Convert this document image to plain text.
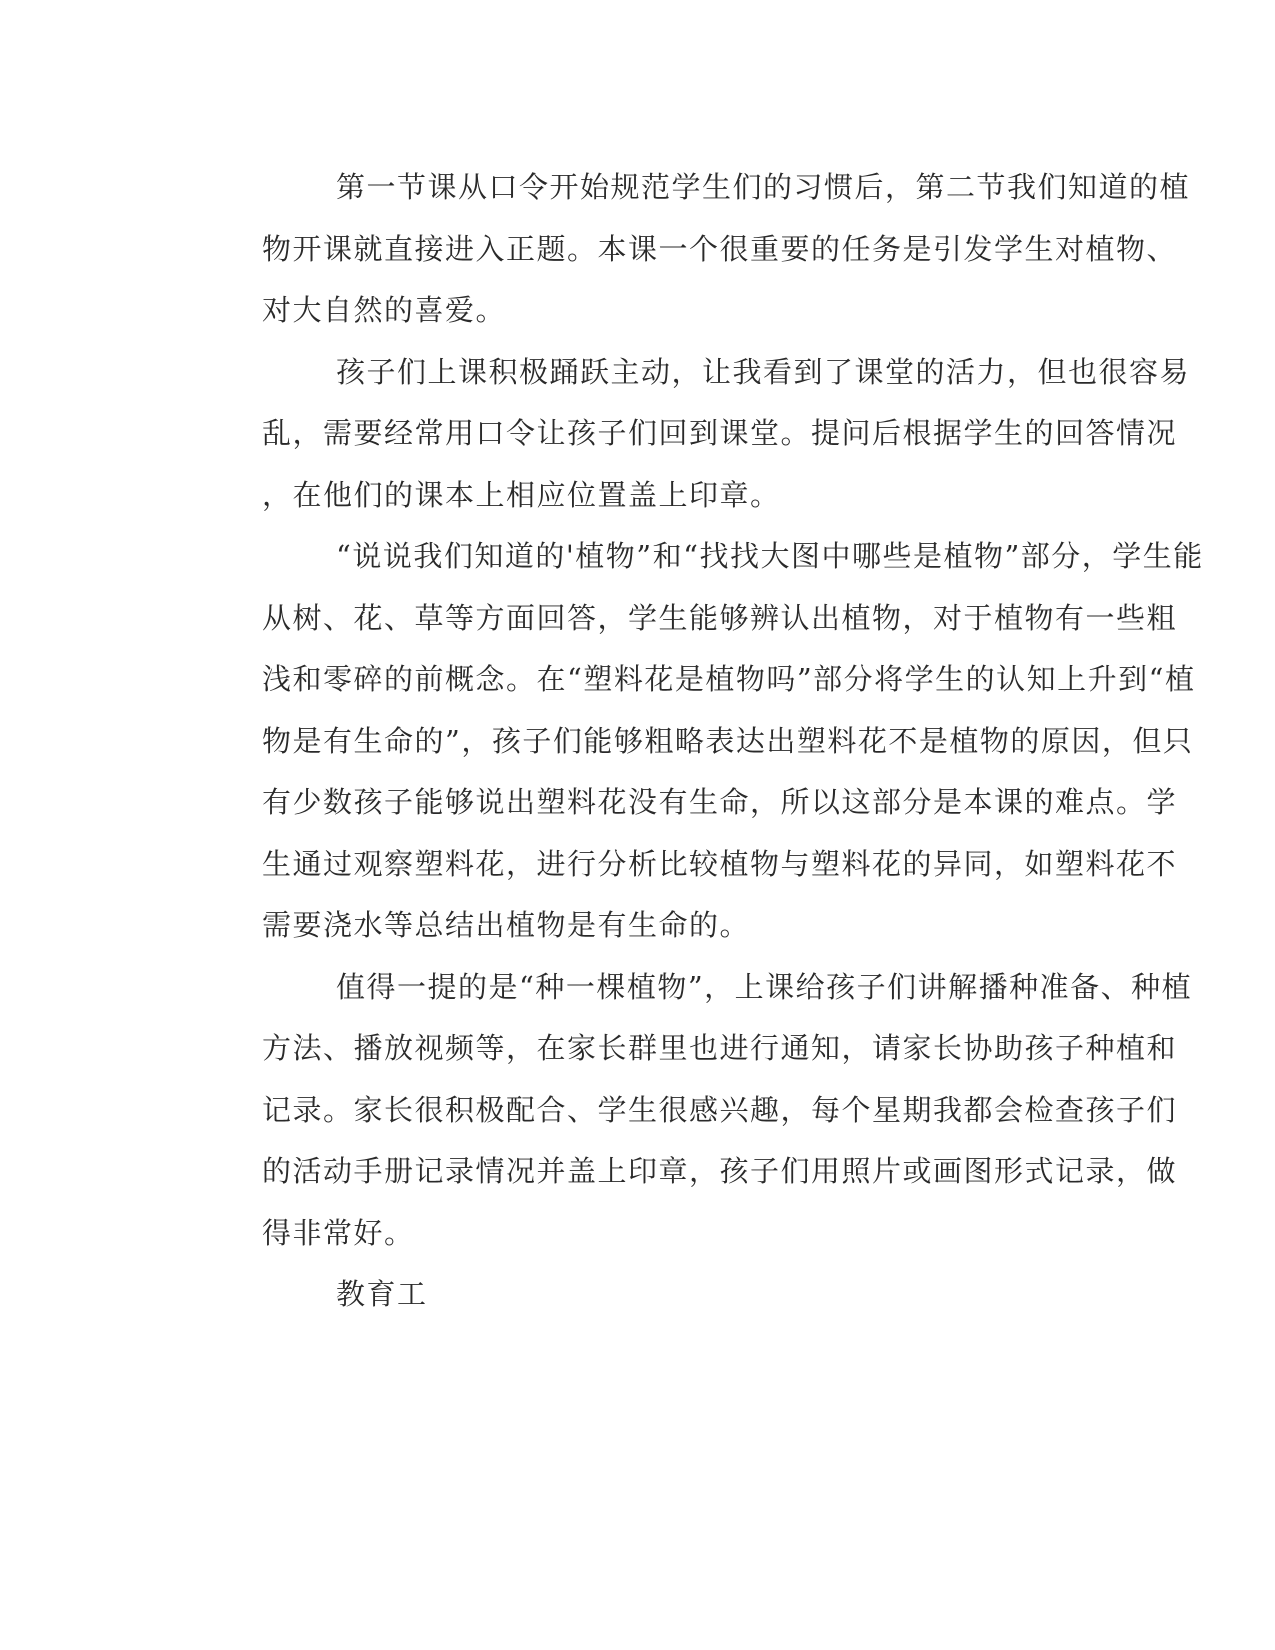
第一节课从口令开始规范学生们的习惯后，第二节我们知道的植
物开课就直接进入正题。本课一个很重要的任务是引发学生对植物、
对大自然的喜爱。
孩子们上课积极踊跃主动，让我看到了课堂的活力，但也很容易
乱，需要经常用口令让孩子们回到课堂。提问后根据学生的回答情况
，在他们的课本上相应位置盖上印章。
“说说我们知道的'植物”和“找找大图中哪些是植物”部分，学生能
从树、花、草等方面回答，学生能够辨认出植物，对于植物有一些粗
浅和零碎的前概念。在“塑料花是植物吗”部分将学生的认知上升到“植
物是有生命的”，孩子们能够粗略表达出塑料花不是植物的原因，但只
有少数孩子能够说出塑料花没有生命，所以这部分是本课的难点。学
生通过观察塑料花，进行分析比较植物与塑料花的异同，如塑料花不
需要浇水等总结出植物是有生命的。
值得一提的是“种一棵植物”，上课给孩子们讲解播种准备、种植
方法、播放视频等，在家长群里也进行通知，请家长协助孩子种植和
记录。家长很积极配合、学生很感兴趣，每个星期我都会检查孩子们
的活动手册记录情况并盖上印章，孩子们用照片或画图形式记录，做
得非常好。
教育工
